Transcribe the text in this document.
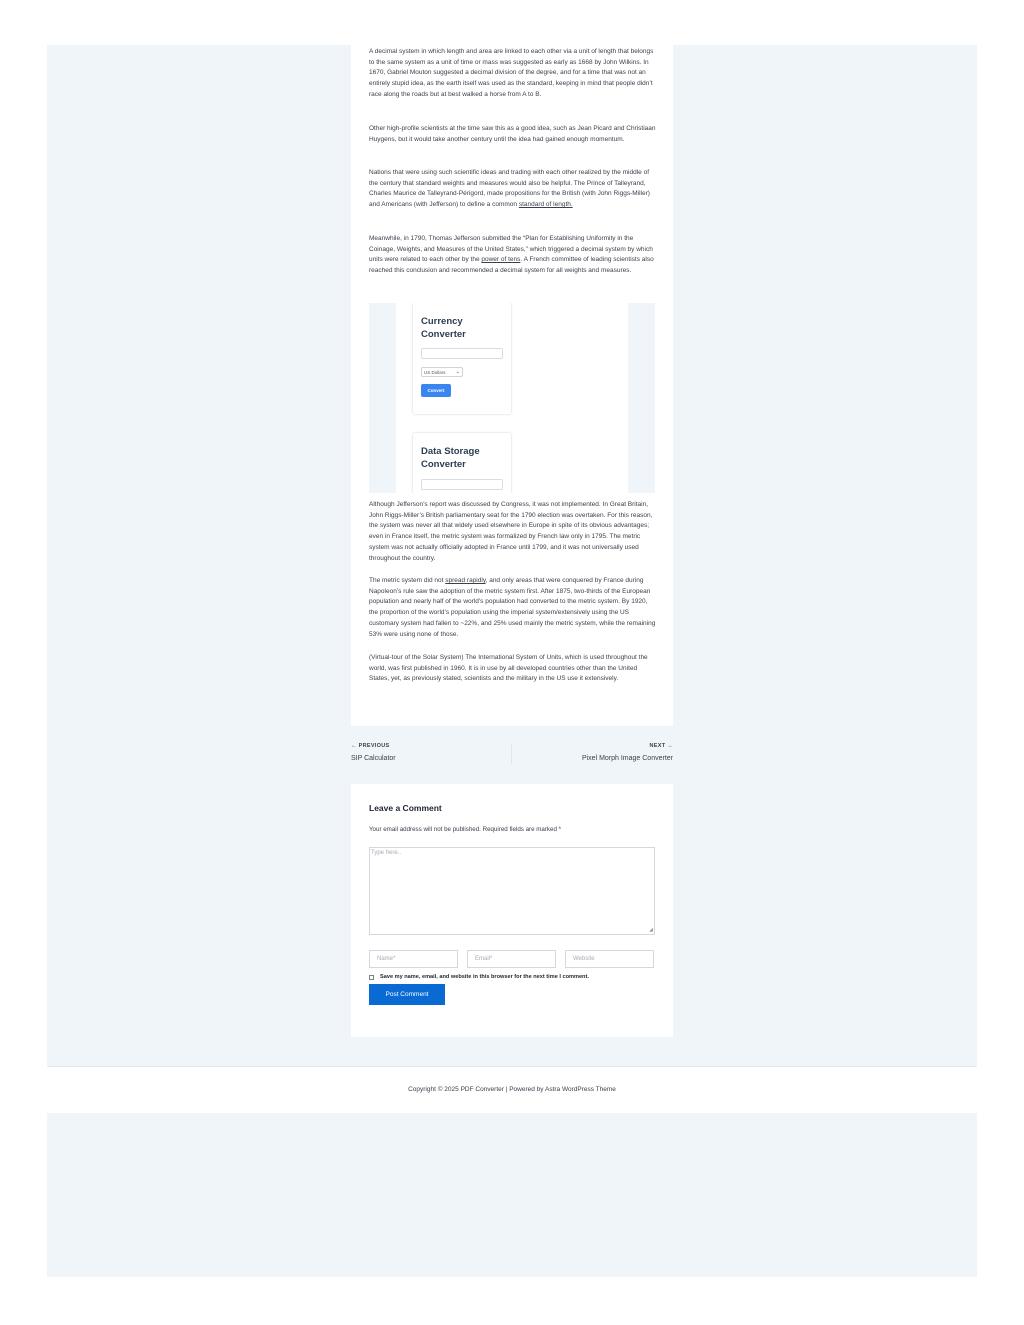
A decimal system in which length and area are linked to each other via a unit of length that belongs to the same system as a unit of time or mass was suggested as early as 1668 by John Wilkins. In 1670, Gabriel Mouton suggested a decimal division of the degree, and for a time that was not an entirely stupid idea, as the earth itself was used as the standard, keeping in mind that people didn’t race along the roads but at best walked a horse from A to B.

Other high-profile scientists at the time saw this as a good idea, such as Jean Picard and Christiaan Huygens, but it would take another century until the idea had gained enough momentum.

Nations that were using such scientific ideas and trading with each other realized by the middle of the century that standard weights and measures would also be helpful. The Prince of Talleyrand, Charles Maurice de Talleyrand-Périgord, made propositions for the British (with John Riggs-Miller) and Americans (with Jefferson) to define a common standard of length.

Meanwhile, in 1790, Thomas Jefferson submitted the “Plan for Establishing Uniformity in the Coinage, Weights, and Measures of the United States,” which triggered a decimal system by which units were related to each other by the power of tens. A French committee of leading scientists also reached this conclusion and recommended a decimal system for all weights and measures.

Currency Converter

US Dollars ⌄
Convert

Data Storage Converter

Although Jefferson’s report was discussed by Congress, it was not implemented. In Great Britain, John Riggs-Miller’s British parliamentary seat for the 1790 election was overtaken. For this reason, the system was never all that widely used elsewhere in Europe in spite of its obvious advantages; even in France itself, the metric system was formalized by French law only in 1795. The metric system was not actually officially adopted in France until 1799, and it was not universally used throughout the country.

The metric system did not spread rapidly, and only areas that were conquered by France during Napoleon’s rule saw the adoption of the metric system first. After 1875, two-thirds of the European population and nearly half of the world’s population had converted to the metric system. By 1920, the proportion of the world’s population using the imperial system/extensively using the US customary system had fallen to ~22%, and 25% used mainly the metric system, while the remaining 53% were using none of those.

(Virtual-tour of the Solar System) The International System of Units, which is used throughout the world, was first published in 1960. It is in use by all developed countries other than the United States, yet, as previously stated, scientists and the military in the US use it extensively.

← PREVIOUS
SIP Calculator
NEXT →
Pixel Morph Image Converter
Leave a Comment

Your email address will not be published. Required fields are marked *

Type here..
◢
Name*	Email*	Website
Save my name, email, and website in this browser for the next time I comment.
Post Comment
Copyright © 2025 PDF Converter | Powered by Astra WordPress Theme
